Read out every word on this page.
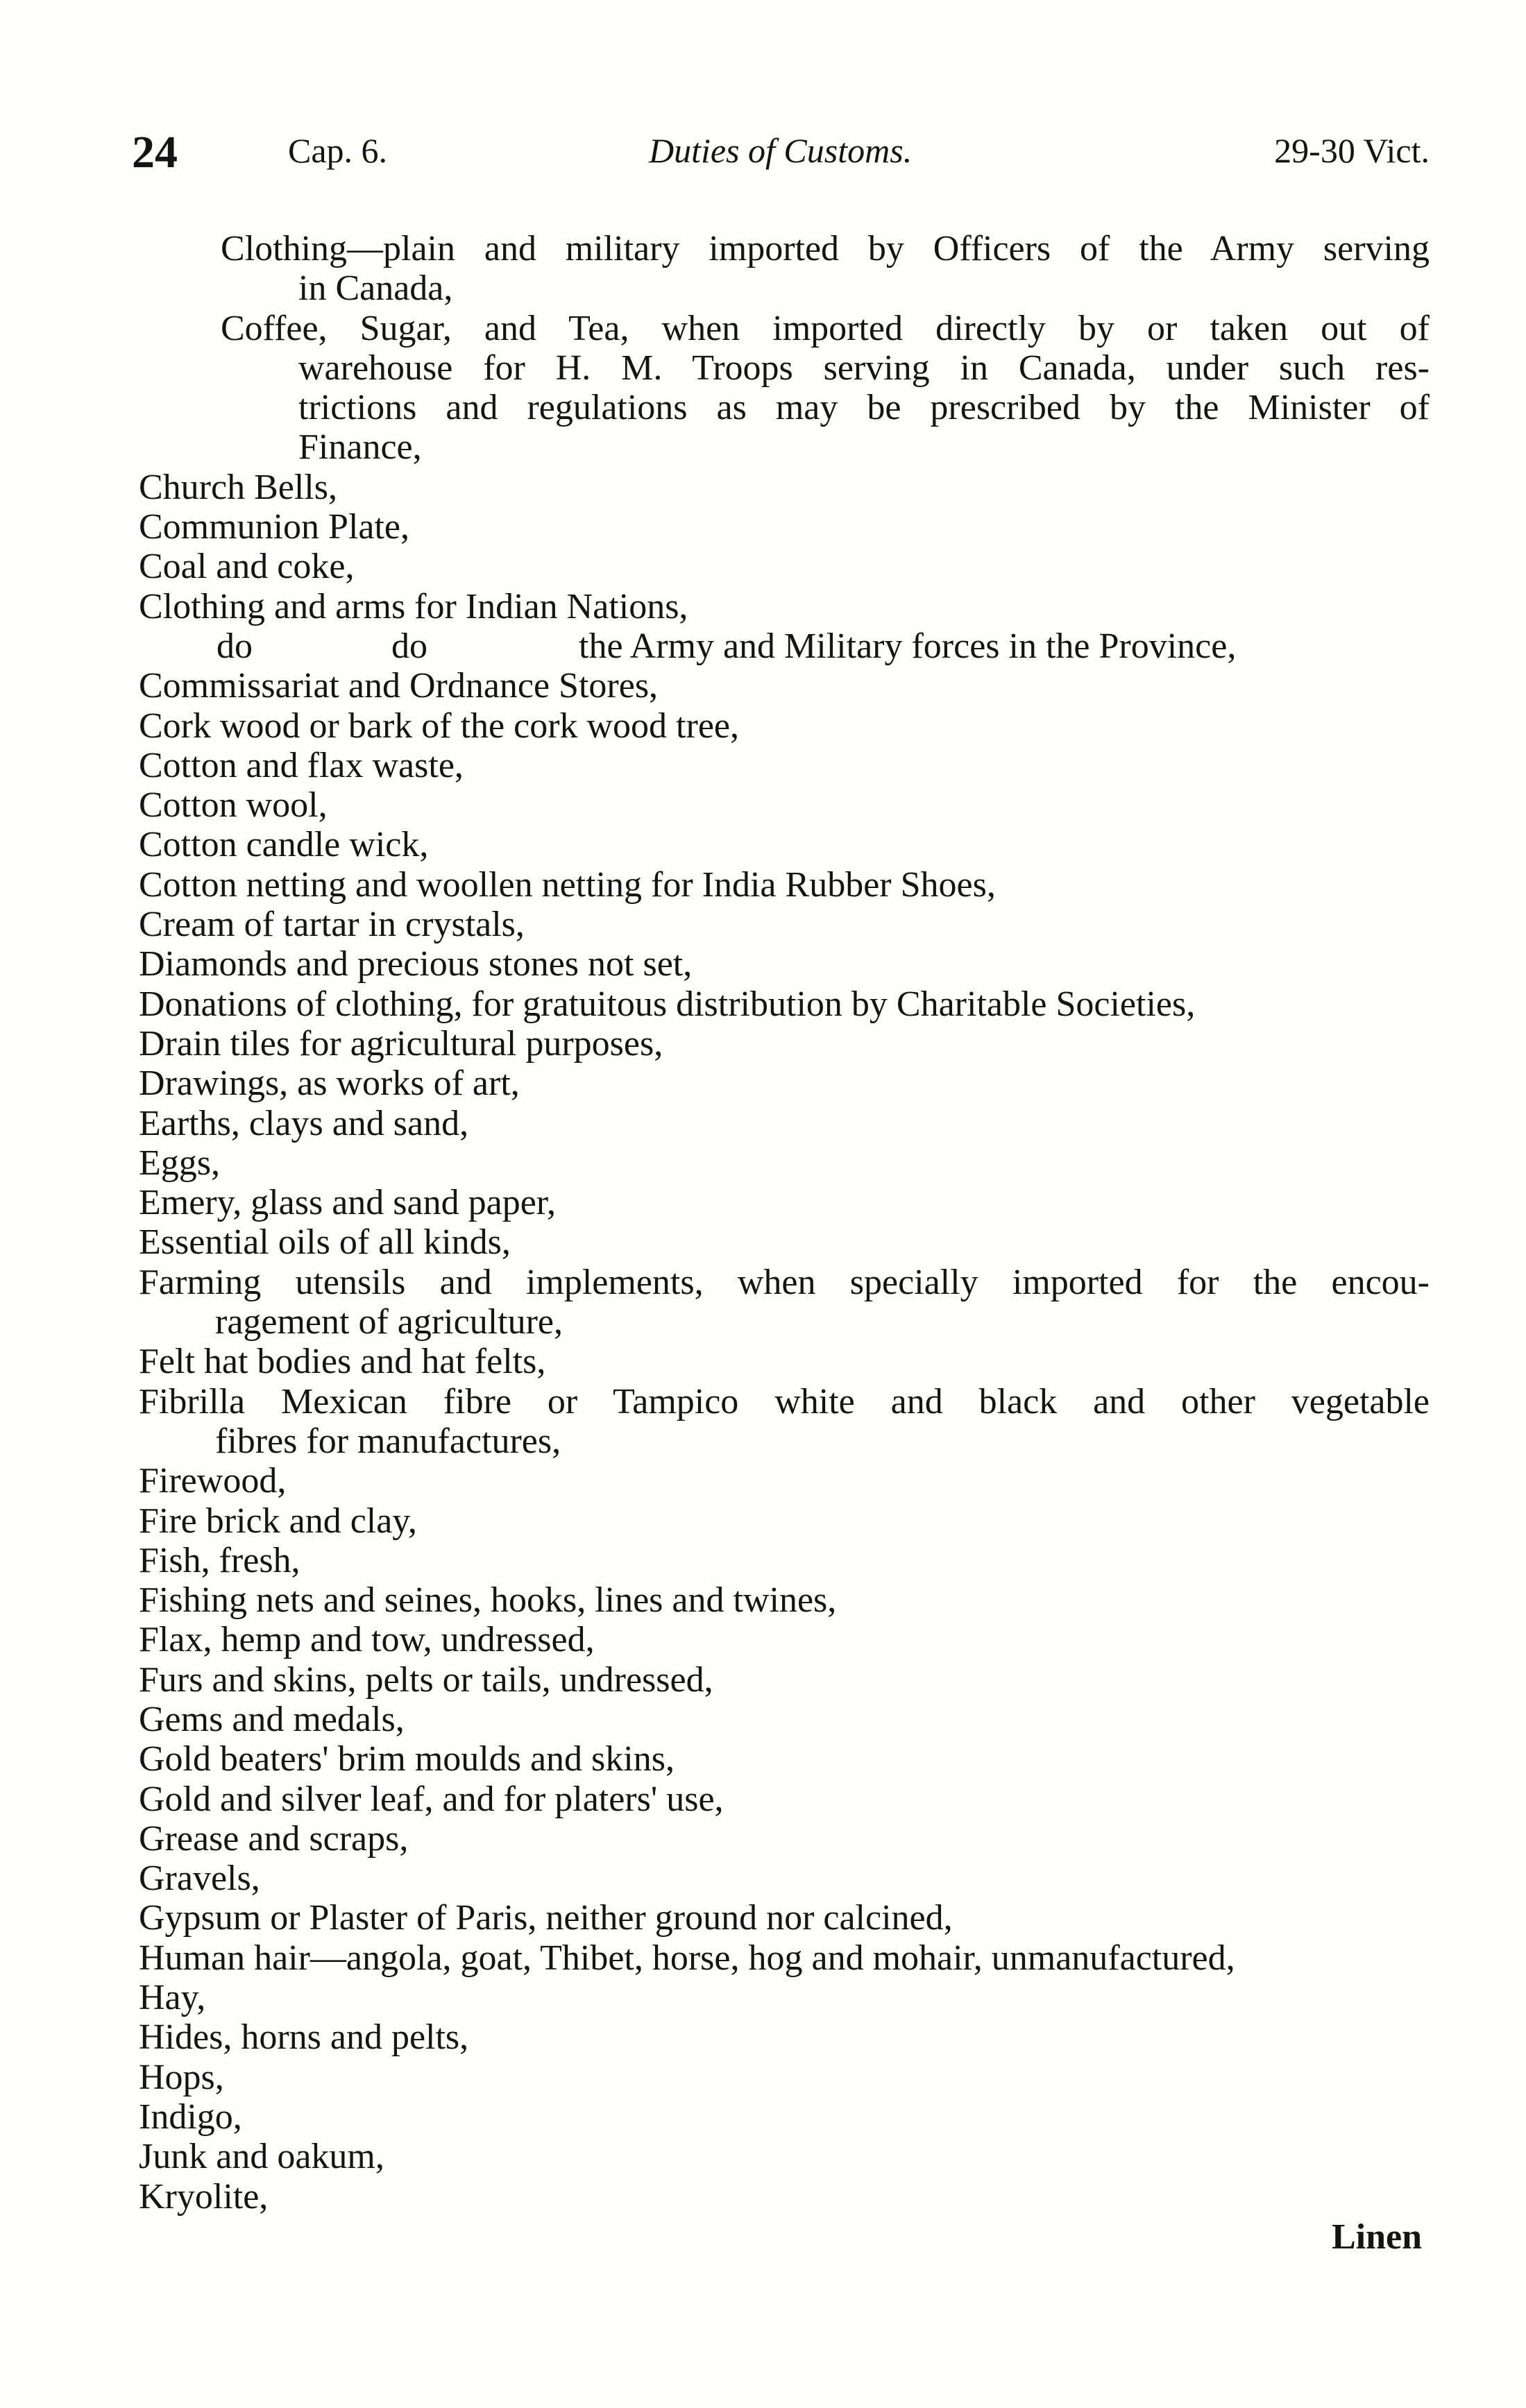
24	Cap. 6.	Duties of Customs.	29-30 Vict.
Clothing—plain and military imported by Officers of the Army serving
in Canada,
Coffee, Sugar, and Tea, when imported directly by or taken out of
warehouse for H. M. Troops serving in Canada, under such res-
trictions and regulations as may be prescribed by the Minister of
Finance,
Church Bells,
Communion Plate,
Coal and coke,
Clothing and arms for Indian Nations,
do	do	the Army and Military forces in the Province,
Commissariat and Ordnance Stores,
Cork wood or bark of the cork wood tree,
Cotton and flax waste,
Cotton wool,
Cotton candle wick,
Cotton netting and woollen netting for India Rubber Shoes,
Cream of tartar in crystals,
Diamonds and precious stones not set,
Donations of clothing, for gratuitous distribution by Charitable Societies,
Drain tiles for agricultural purposes,
Drawings, as works of art,
Earths, clays and sand,
Eggs,
Emery, glass and sand paper,
Essential oils of all kinds,
Farming utensils and implements, when specially imported for the encou-
ragement of agriculture,
Felt hat bodies and hat felts,
Fibrilla Mexican fibre or Tampico white and black and other vegetable
fibres for manufactures,
Firewood,
Fire brick and clay,
Fish, fresh,
Fishing nets and seines, hooks, lines and twines,
Flax, hemp and tow, undressed,
Furs and skins, pelts or tails, undressed,
Gems and medals,
Gold beaters' brim moulds and skins,
Gold and silver leaf, and for platers' use,
Grease and scraps,
Gravels,
Gypsum or Plaster of Paris, neither ground nor calcined,
Human hair—angola, goat, Thibet, horse, hog and mohair, unmanufactured,
Hay,
Hides, horns and pelts,
Hops,
Indigo,
Junk and oakum,
Kryolite,
Linen
